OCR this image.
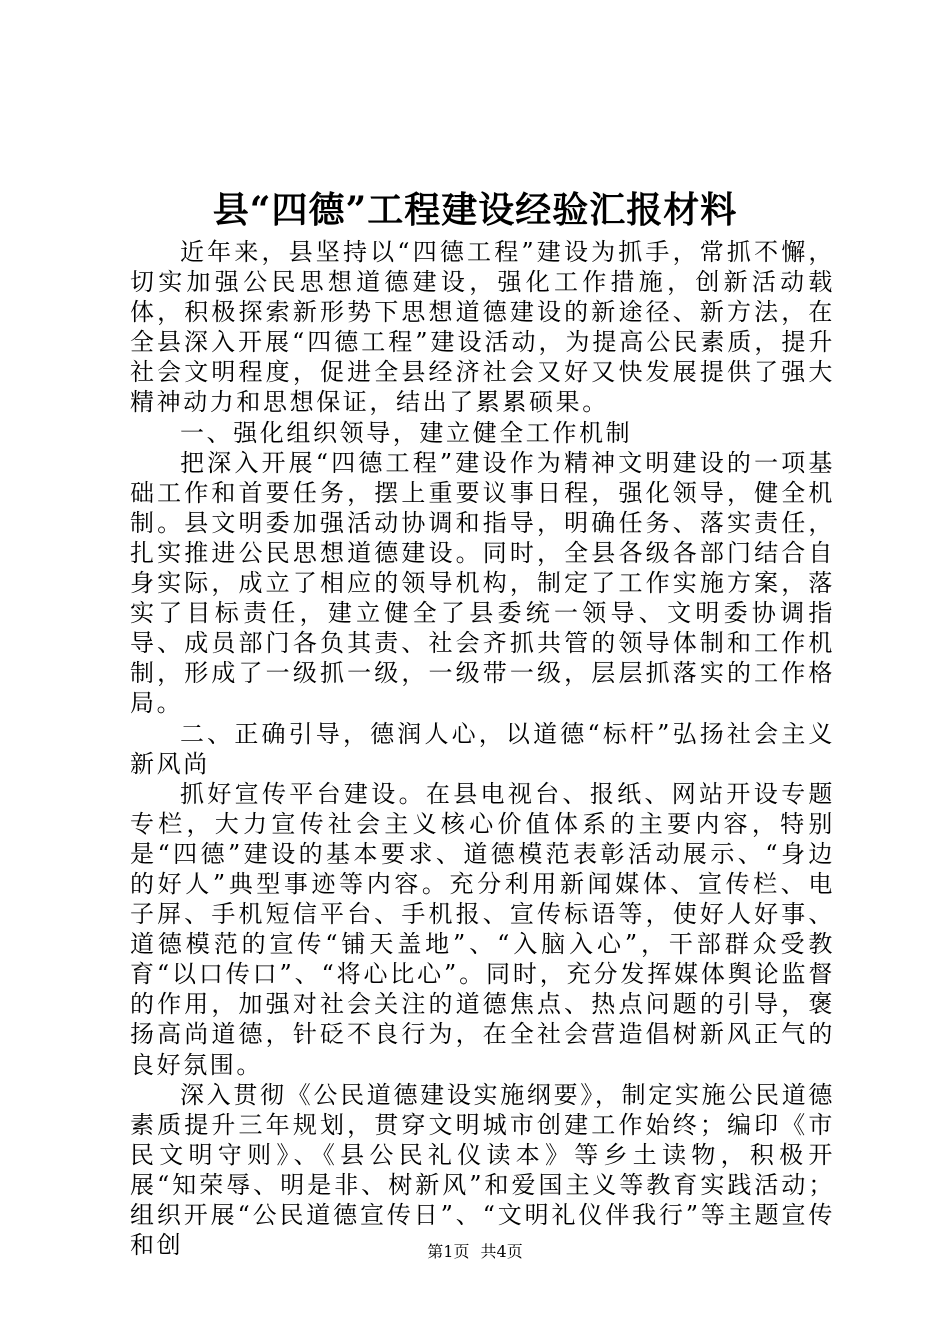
县“四德”工程建设经验汇报材料

近年来，县坚持以“四德工程”建设为抓手，常抓不懈，切实加强公民思想道德建设，强化工作措施，创新活动载体，积极探索新形势下思想道德建设的新途径、新方法，在全县深入开展“四德工程”建设活动，为提高公民素质，提升社会文明程度，促进全县经济社会又好又快发展提供了强大精神动力和思想保证，结出了累累硕果。

一、强化组织领导，建立健全工作机制

把深入开展“四德工程”建设作为精神文明建设的一项基础工作和首要任务，摆上重要议事日程，强化领导，健全机制。县文明委加强活动协调和指导，明确任务、落实责任，扎实推进公民思想道德建设。同时，全县各级各部门结合自身实际，成立了相应的领导机构，制定了工作实施方案，落实了目标责任，建立健全了县委统一领导、文明委协调指导、成员部门各负其责、社会齐抓共管的领导体制和工作机制，形成了一级抓一级，一级带一级，层层抓落实的工作格局。

二、正确引导，德润人心，以道德“标杆”弘扬社会主义新风尚

抓好宣传平台建设。在县电视台、报纸、网站开设专题专栏，大力宣传社会主义核心价值体系的主要内容，特别是“四德”建设的基本要求、道德模范表彰活动展示、“身边的好人”典型事迹等内容。充分利用新闻媒体、宣传栏、电子屏、手机短信平台、手机报、宣传标语等，使好人好事、道德模范的宣传“铺天盖地”、“入脑入心”，干部群众受教育“以口传口”、“将心比心”。同时，充分发挥媒体舆论监督的作用，加强对社会关注的道德焦点、热点问题的引导，褒扬高尚道德，针砭不良行为，在全社会营造倡树新风正气的良好氛围。

深入贯彻《公民道德建设实施纲要》，制定实施公民道德素质提升三年规划，贯穿文明城市创建工作始终；编印《市民文明守则》、《县公民礼仪读本》等乡土读物，积极开展“知荣辱、明是非、树新风”和爱国主义等教育实践活动；组织开展“公民道德宣传日”、“文明礼仪伴我行”等主题宣传和创	第1页 共4页
